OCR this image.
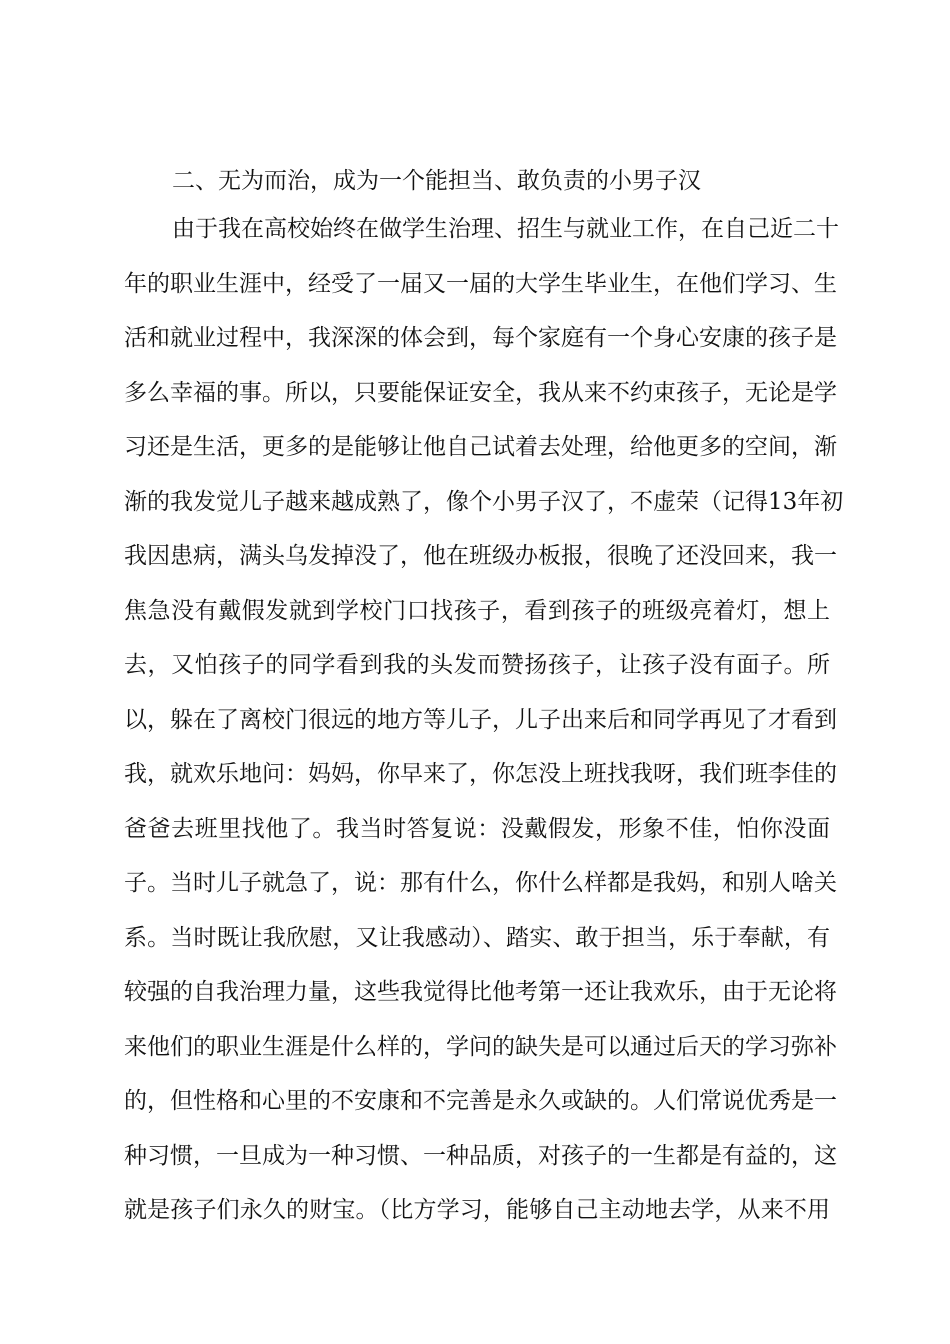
二、无为而治，成为一个能担当、敢负责的小男子汉
由于我在高校始终在做学生治理、招生与就业工作，在自己近二十
年的职业生涯中，经受了一届又一届的大学生毕业生，在他们学习、生
活和就业过程中，我深深的体会到，每个家庭有一个身心安康的孩子是
多么幸福的事。所以，只要能保证安全，我从来不约束孩子，无论是学
习还是生活，更多的是能够让他自己试着去处理，给他更多的空间，渐
渐的我发觉儿子越来越成熟了，像个小男子汉了，不虚荣（记得13年初
我因患病，满头乌发掉没了，他在班级办板报，很晚了还没回来，我一
焦急没有戴假发就到学校门口找孩子，看到孩子的班级亮着灯，想上
去，又怕孩子的同学看到我的头发而赞扬孩子，让孩子没有面子。所
以，躲在了离校门很远的地方等儿子，儿子出来后和同学再见了才看到
我，就欢乐地问：妈妈，你早来了，你怎没上班找我呀，我们班李佳的
爸爸去班里找他了。我当时答复说：没戴假发，形象不佳，怕你没面
子。当时儿子就急了，说：那有什么，你什么样都是我妈，和别人啥关
系。当时既让我欣慰，又让我感动）、踏实、敢于担当，乐于奉献，有
较强的自我治理力量，这些我觉得比他考第一还让我欢乐，由于无论将
来他们的职业生涯是什么样的，学问的缺失是可以通过后天的学习弥补
的，但性格和心里的不安康和不完善是永久或缺的。人们常说优秀是一
种习惯，一旦成为一种习惯、一种品质，对孩子的一生都是有益的，这
就是孩子们永久的财宝。（比方学习，能够自己主动地去学，从来不用
